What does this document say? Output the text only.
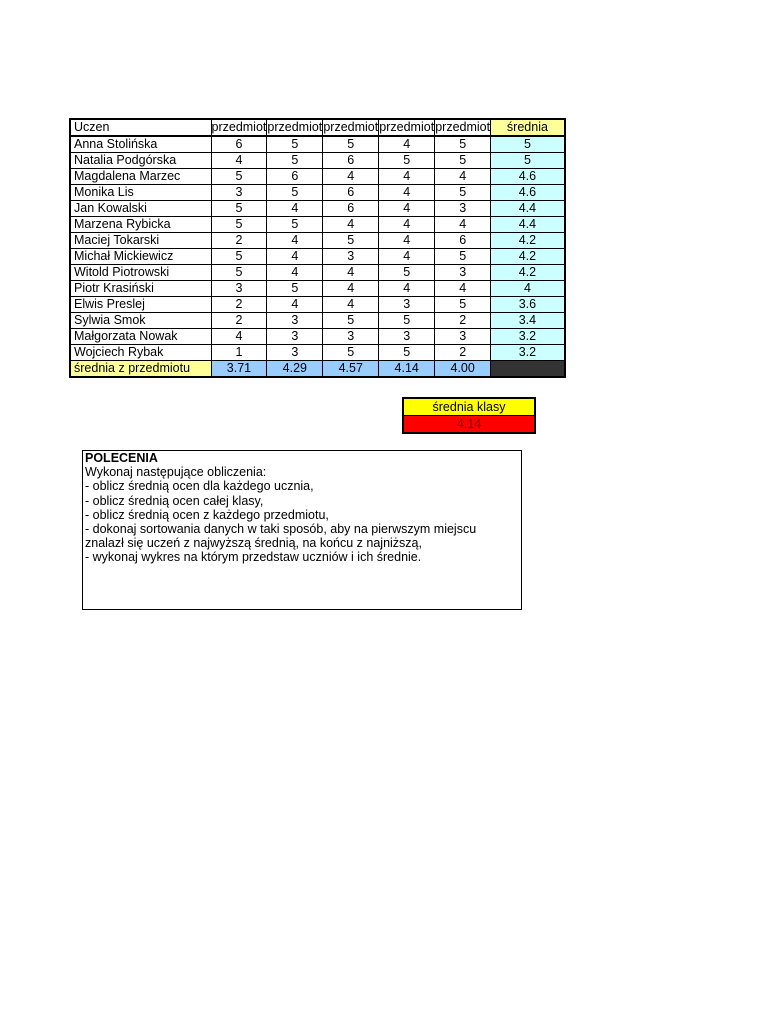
Uczen	przedmiot	przedmiot	przedmiot	przedmiot	przedmiot	średnia
Anna Stolińska	6	5	5	4	5	5
Natalia Podgórska	4	5	6	5	5	5
Magdalena Marzec	5	6	4	4	4	4.6
Monika Lis	3	5	6	4	5	4.6
Jan Kowalski	5	4	6	4	3	4.4
Marzena Rybicka	5	5	4	4	4	4.4
Maciej Tokarski	2	4	5	4	6	4.2
Michał Mickiewicz	5	4	3	4	5	4.2
Witold Piotrowski	5	4	4	5	3	4.2
Piotr Krasiński	3	5	4	4	4	4
Elwis Preslej	2	4	4	3	5	3.6
Sylwia Smok	2	3	5	5	2	3.4
Małgorzata Nowak	4	3	3	3	3	3.2
Wojciech Rybak	1	3	5	5	2	3.2
średnia z przedmiotu	3.71	4.29	4.57	4.14	4.00	
średnia klasy
4.14
POLECENIA
Wykonaj następujące obliczenia:
- oblicz średnią ocen dla każdego ucznia,
- oblicz średnią ocen całej klasy,
- oblicz średnią ocen z każdego przedmiotu,
- dokonaj sortowania danych w taki sposób, aby na pierwszym miejscu
znalazł się uczeń z najwyższą średnią, na końcu z najniższą,
- wykonaj wykres na którym przedstaw uczniów i ich średnie.
